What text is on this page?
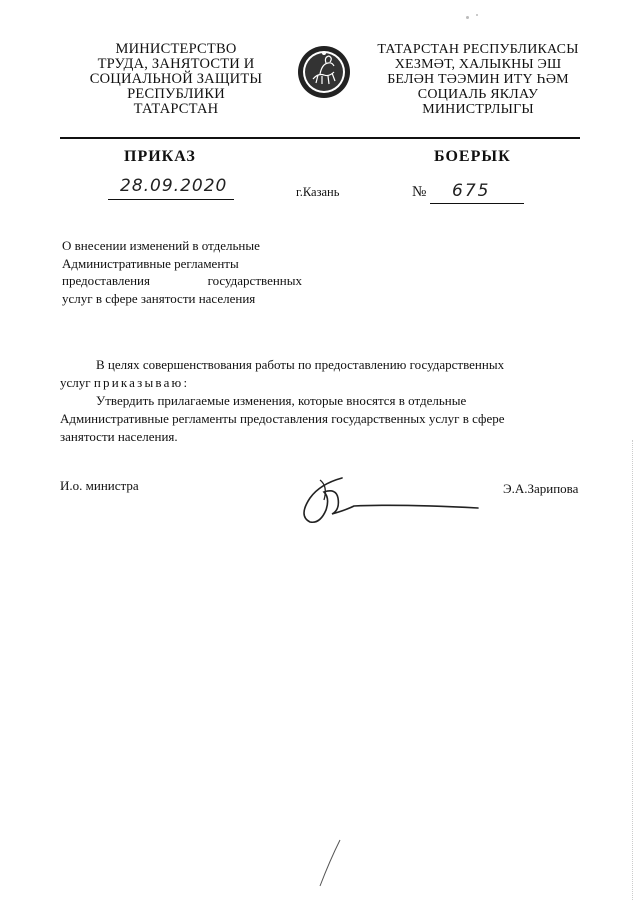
МИНИСТЕРСТВО
ТРУДА, ЗАНЯТОСТИ И
СОЦИАЛЬНОЙ ЗАЩИТЫ
РЕСПУБЛИКИ
ТАТАРСТАН
ТАТАРСТАН РЕСПУБЛИКАСЫ
ХЕЗМӘТ, ХАЛЫКНЫ ЭШ
БЕЛӘН ТӘЭМИН ИТҮ ҺӘМ
СОЦИАЛЬ ЯКЛАУ
МИНИСТРЛЫГЫ
ПРИКАЗ	БОЕРЫК
28.09.2020	г.Казань	№ 675
О внесении изменений в отдельные
Административные регламенты
предоставления	государственных
услуг в сфере занятости населения
В целях совершенствования работы по предоставлению государственных
услуг приказываю:
Утвердить прилагаемые изменения, которые вносятся в отдельные
Административные регламенты предоставления государственных услуг в сфере
занятости населения.
И.о. министра	Э.А.Зарипова
